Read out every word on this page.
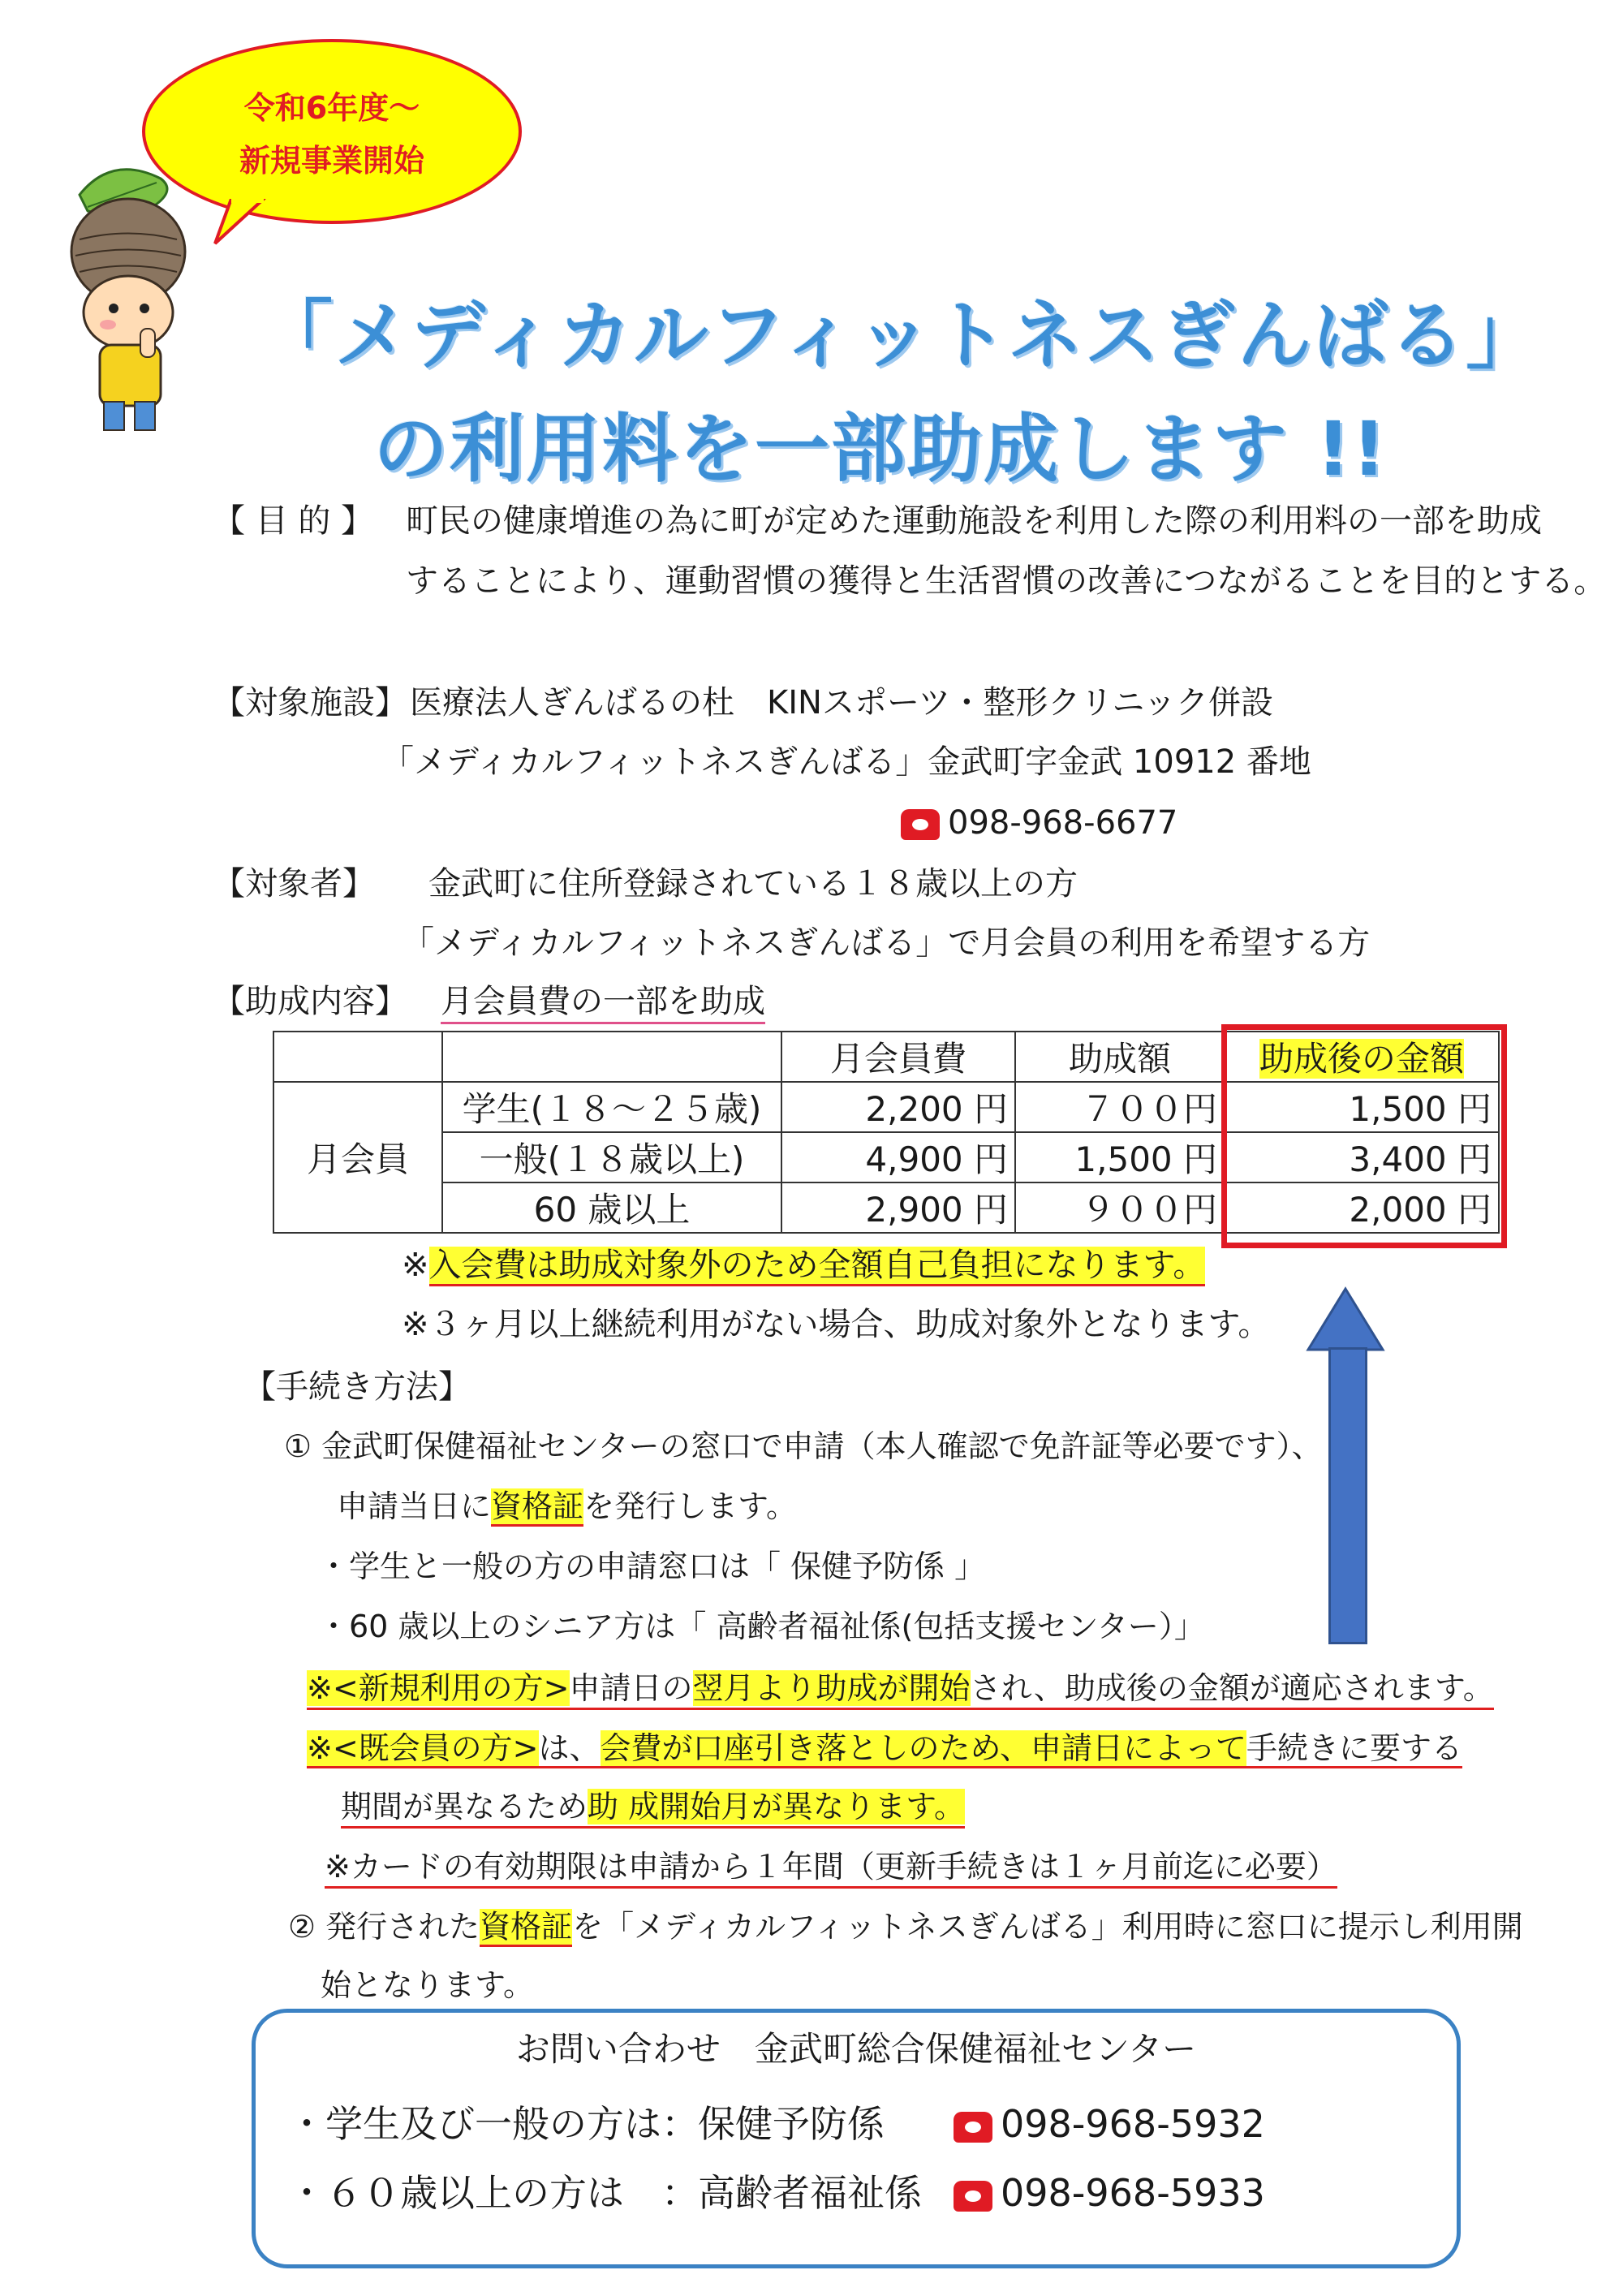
令和6年度～
新規事業開始
「メディカルフィットネスぎんばる」
の利用料を一部助成します !!
【 目 的 】 町民の健康増進の為に町が定めた運動施設を利用した際の利用料の一部を助成
することにより、運動習慣の獲得と生活習慣の改善につながることを目的とする。
【対象施設】 医療法人ぎんばるの杜　KINスポーツ・整形クリニック併設
「メディカルフィットネスぎんばる」金武町字金武 10912 番地
098-968-6677
【対象者】 金武町に住所登録されている１８歳以上の方
「メディカルフィットネスぎんばる」で月会員の利用を希望する方
【助成内容】 月会員費の一部を助成
		月会員費	助成額	助成後の金額
月会員	学生(１８～２５歳)	2,200 円	７００円	1,500 円
	一般(１８歳以上)	4,900 円	1,500 円	3,400 円
	60 歳以上	2,900 円	９００円	2,000 円
※入会費は助成対象外のため全額自己負担になります。
※３ヶ月以上継続利用がない場合、助成対象外となります。
【手続き方法】
① 金武町保健福祉センターの窓口で申請（本人確認で免許証等必要です）、
申請当日に資格証を発行します。
・学生と一般の方の申請窓口は「 保健予防係 」
・60 歳以上のシニア方は「 高齢者福祉係(包括支援センター）」
※<新規利用の方>申請日の翌月より助成が開始され、助成後の金額が適応されます。
※<既会員の方>は、会費が口座引き落としのため、申請日によって手続きに要する
期間が異なるため助 成開始月が異なります。
※カードの有効期限は申請から１年間（更新手続きは１ヶ月前迄に必要）
② 発行された資格証を「メディカルフィットネスぎんばる」利用時に窓口に提示し利用開
始となります。
お問い合わせ　金武町総合保健福祉センター
・学生及び一般の方は： 保健予防係	098-968-5932
・６０歳以上の方は　： 高齢者福祉係	098-968-5933
